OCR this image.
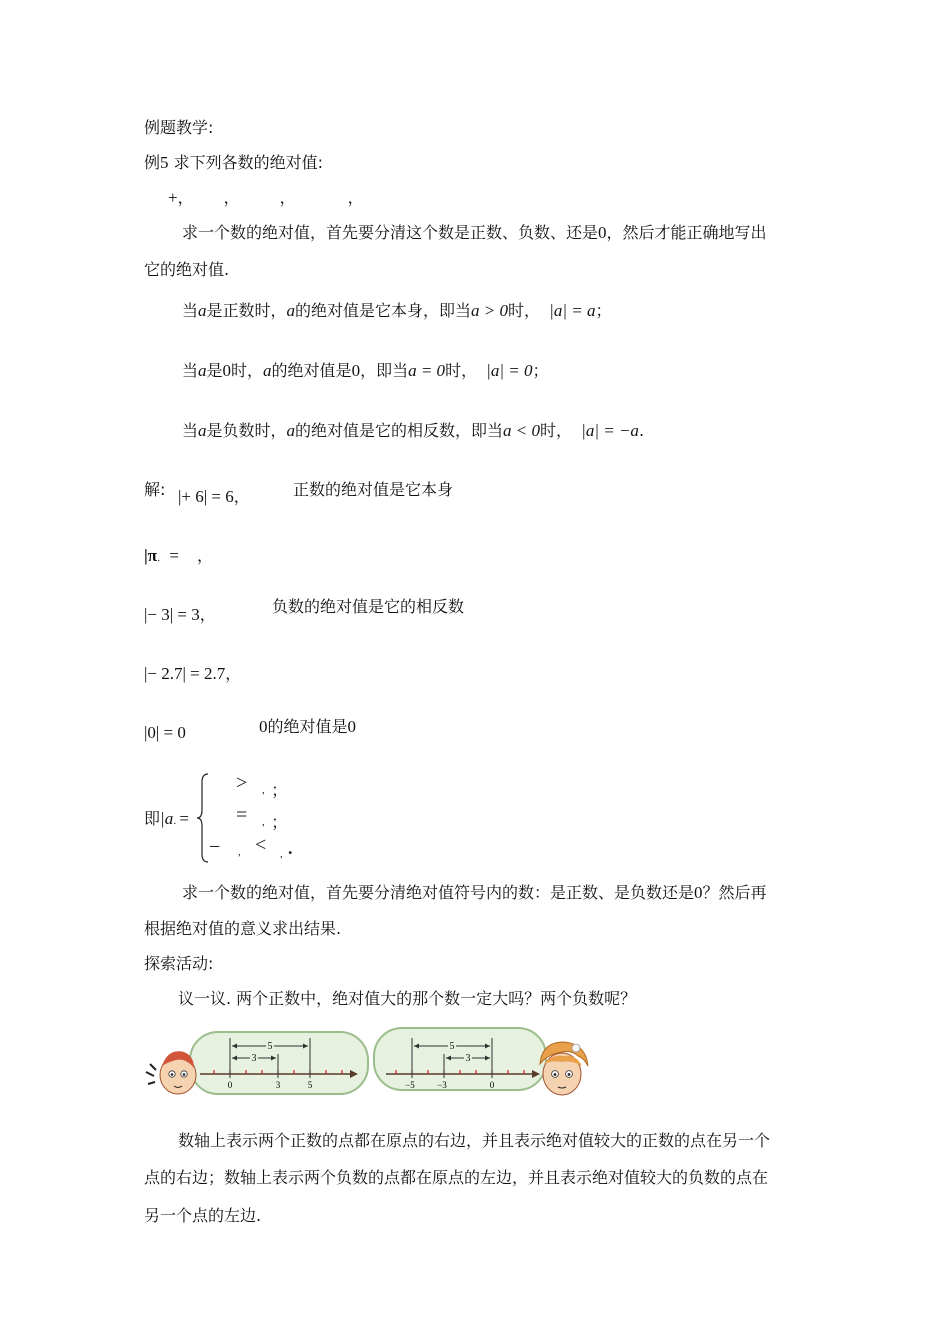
例题教学:
例5 求下列各数的绝对值:
+， ，	，	，
求一个数的绝对值，首先要分清这个数是正数、负数、还是0，然后才能正确地写出
它的绝对值.
当a是正数时，a的绝对值是它本身，即当a > 0时， |a| = a；
当a是0时，a的绝对值是0，即当a = 0时， |a| = 0；
当a是负数时，a的绝对值是它的相反数，即当a < 0时， |a| = −a.
解: |+ 6| = 6，	正数的绝对值是它本身
|π. = ，
|− 3| = 3，	负数的绝对值是它的相反数
|− 2.7| = 2.7，
|0| = 0	0的绝对值是0
即|a. =
> , ；
= , ；
− , < , .
求一个数的绝对值，首先要分清绝对值符号内的数：是正数、是负数还是0？然后再
根据绝对值的意义求出结果.
探索活动:
议一议. 两个正数中，绝对值大的那个数一定大吗？两个负数呢？
5
3
0	3	5
5
3
−5 −3	0
数轴上表示两个正数的点都在原点的右边，并且表示绝对值较大的正数的点在另一个
点的右边；数轴上表示两个负数的点都在原点的左边，并且表示绝对值较大的负数的点在
另一个点的左边.
